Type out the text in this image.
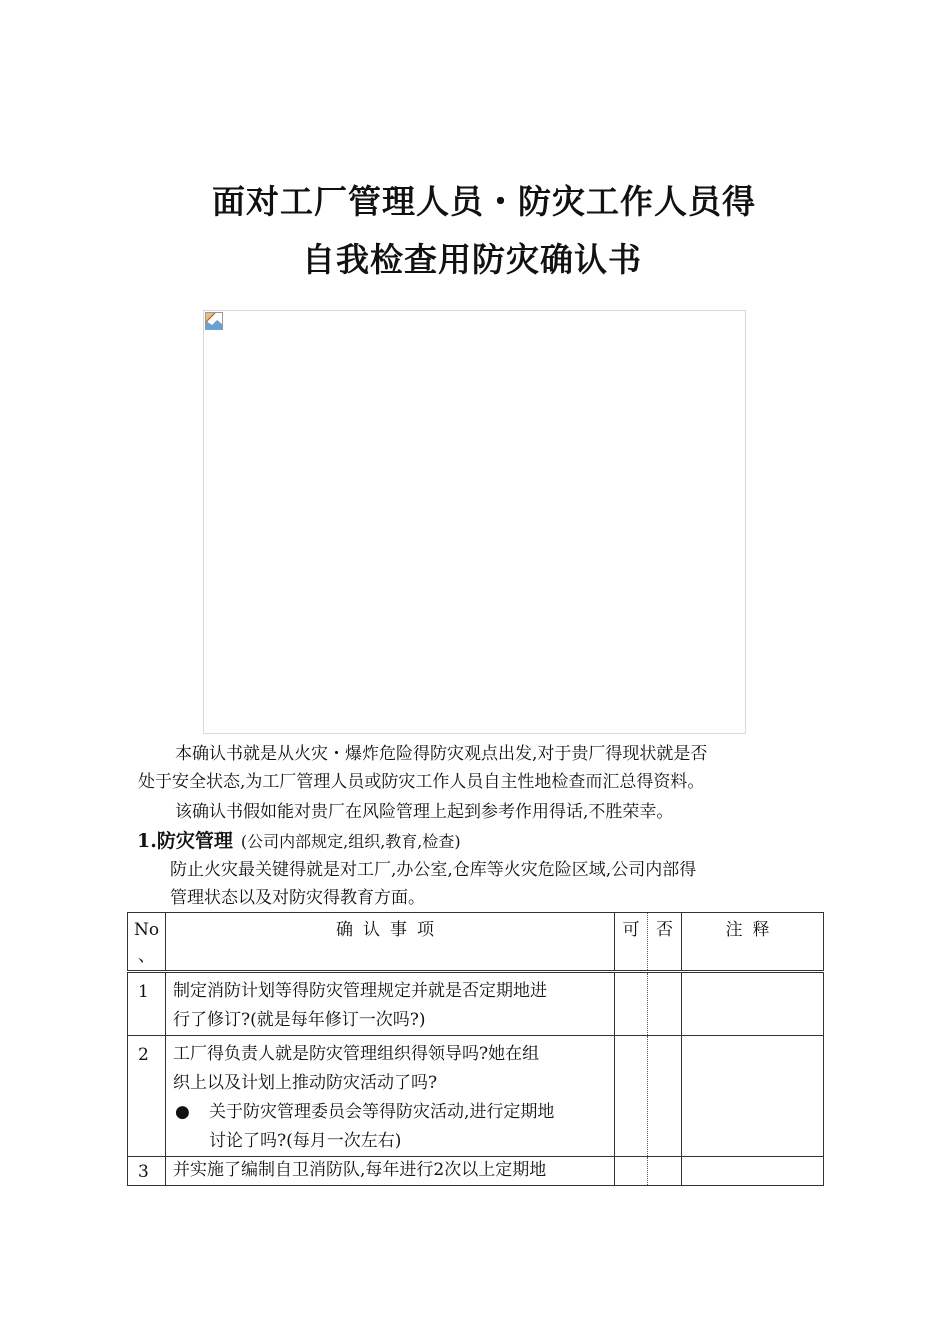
面对工厂管理人员・防灾工作人员得
自我检查用防灾确认书
本确认书就是从火灾・爆炸危险得防灾观点出发,对于贵厂得现状就是否
处于安全状态,为工厂管理人员或防灾工作人员自主性地检查而汇总得资料。
该确认书假如能对贵厂在风险管理上起到参考作用得话,不胜荣幸。
1.防灾管理 (公司内部规定,组织,教育,检查)
防止火灾最关键得就是对工厂,办公室,仓库等火灾危险区域,公司内部得
管理状态以及对防灾得教育方面。
No
、	确认事项	可	否	注释

1	制定消防计划等得防灾管理规定并就是否定期地进
行了修订?(就是每年修订一次吗?)			

2	工厂得负责人就是防灾管理组织得领导吗?她在组
织上以及计划上推动防灾活动了吗?
● 关于防灾管理委员会等得防灾活动,进行定期地
讨论了吗?(每月一次左右)			

3	并实施了编制自卫消防队,每年进行2次以上定期地			
